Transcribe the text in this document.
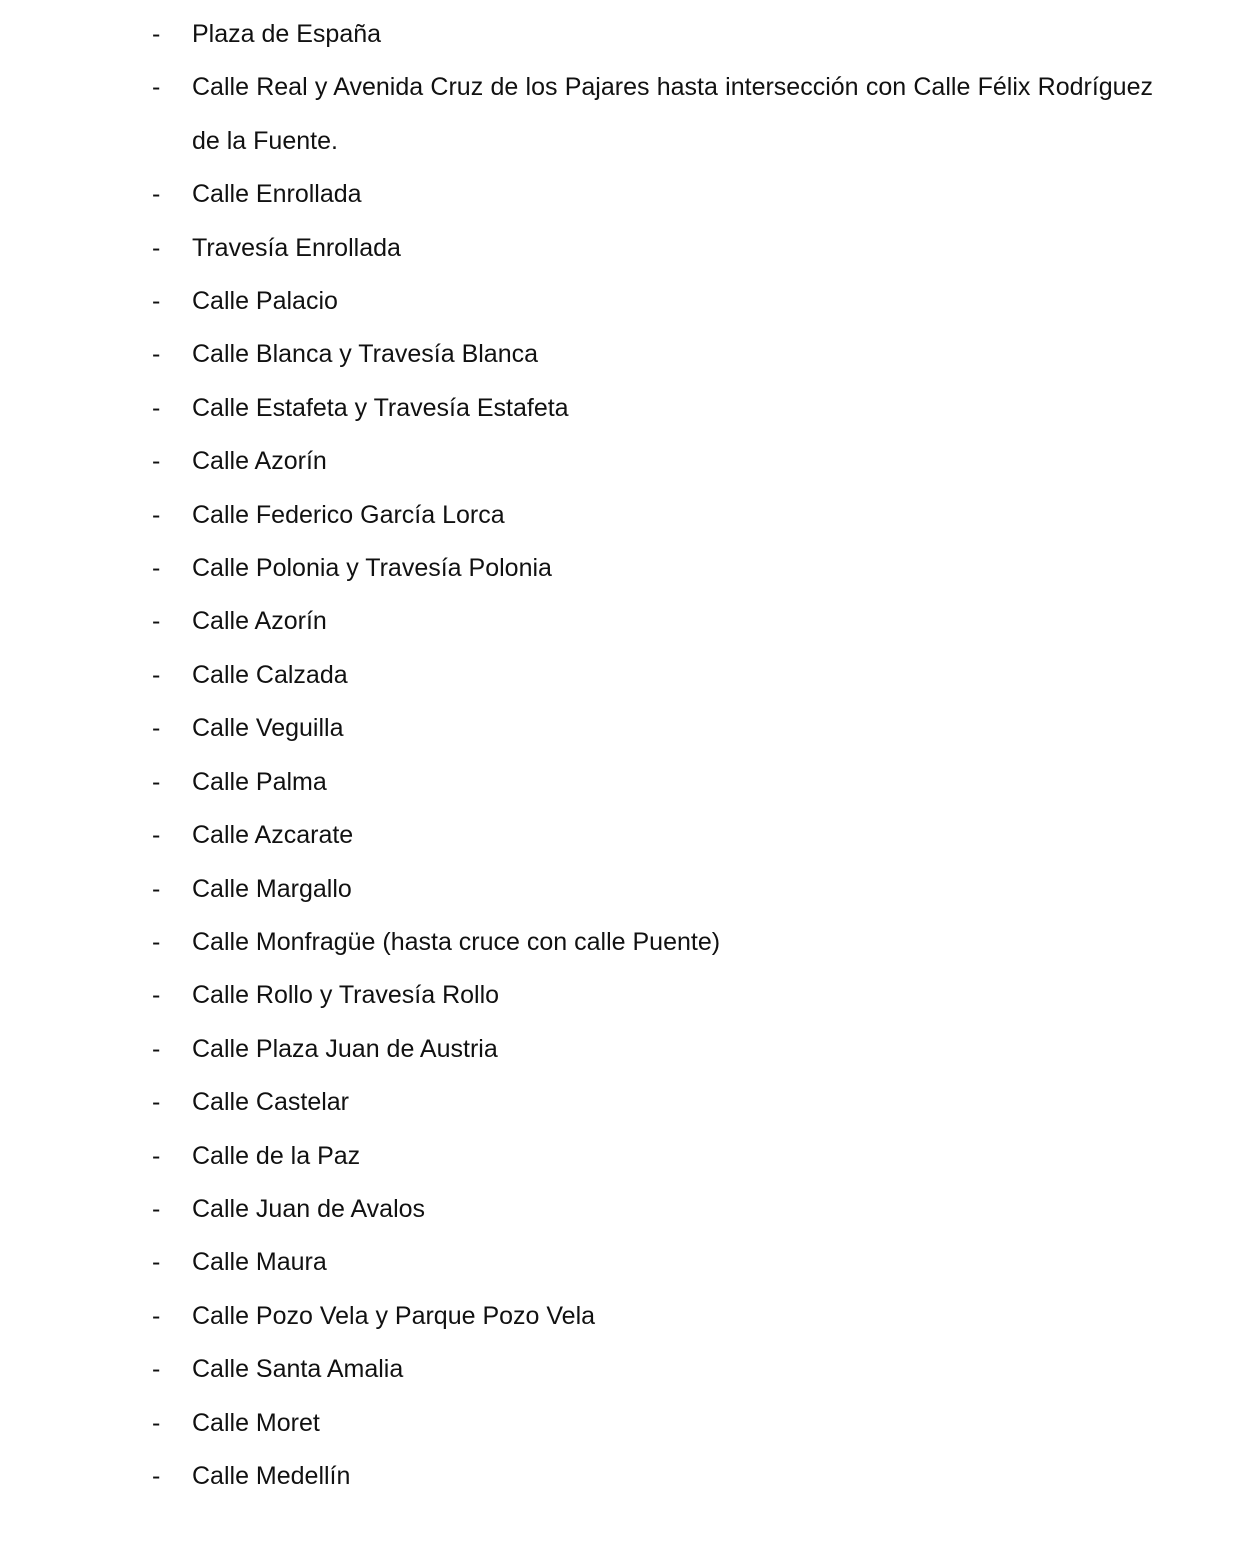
-	Plaza de España
-	Calle Real y Avenida Cruz de los Pajares hasta intersección con Calle Félix Rodríguez de la Fuente.
-	Calle Enrollada
-	Travesía Enrollada
-	Calle Palacio
-	Calle Blanca y Travesía Blanca
-	Calle Estafeta y Travesía Estafeta
-	Calle Azorín
-	Calle Federico García Lorca
-	Calle Polonia y Travesía Polonia
-	Calle Azorín
-	Calle Calzada
-	Calle Veguilla
-	Calle Palma
-	Calle Azcarate
-	Calle Margallo
-	Calle Monfragüe (hasta cruce con calle Puente)
-	Calle Rollo y Travesía Rollo
-	Calle Plaza Juan de Austria
-	Calle Castelar
-	Calle de la Paz
-	Calle Juan de Avalos
-	Calle Maura
-	Calle Pozo Vela y Parque Pozo Vela
-	Calle Santa Amalia
-	Calle Moret
-	Calle Medellín
